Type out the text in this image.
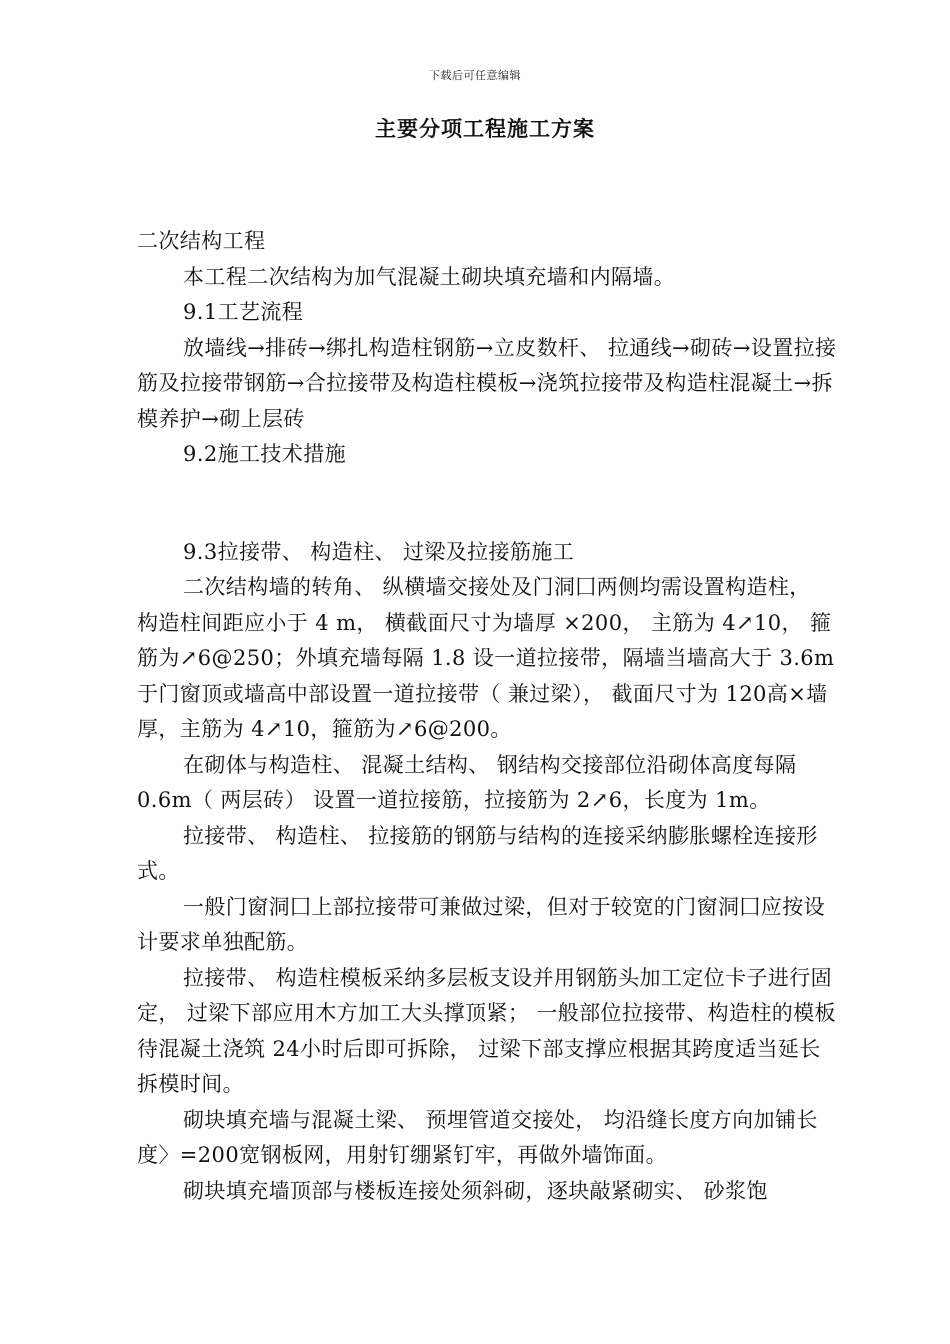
下载后可任意编辑
主要分项工程施工方案

二次结构工程

本工程二次结构为加气混凝土砌块填充墙和内隔墙。

9.1工艺流程

放墙线→排砖→绑扎构造柱钢筋→立皮数杆、 拉通线→砌砖→设置拉接筋及拉接带钢筋→合拉接带及构造柱模板→浇筑拉接带及构造柱混凝土→拆模养护→砌上层砖

9.2施工技术措施

9.3拉接带、 构造柱、 过梁及拉接筋施工

二次结构墙的转角、 纵横墙交接处及门洞囗两侧均需设置构造柱， 构造柱间距应小于 4 m， 横截面尺寸为墙厚 ×200， 主筋为 4↗10， 箍筋为↗6@250；外填充墙每隔 1.8 设一道拉接带，隔墙当墙高大于 3.6m于门窗顶或墙高中部设置一道拉接带（ 兼过梁）， 截面尺寸为 120高×墙厚，主筋为 4↗10，箍筋为↗6@200。

在砌体与构造柱、 混凝土结构、 钢结构交接部位沿砌体高度每隔 0.6m（ 两层砖） 设置一道拉接筋，拉接筋为 2↗6，长度为 1m。

拉接带、 构造柱、 拉接筋的钢筋与结构的连接采纳膨胀螺栓连接形式。

一般门窗洞囗上部拉接带可兼做过梁，但对于较宽的门窗洞囗应按设计要求单独配筋。

拉接带、 构造柱模板采纳多层板支设并用钢筋头加工定位卡子进行固定， 过梁下部应用木方加工大头撑顶紧； 一般部位拉接带、构造柱的模板待混凝土浇筑 24小时后即可拆除， 过梁下部支撑应根据其跨度适当延长拆模时间。

砌块填充墙与混凝土梁、 预埋管道交接处， 均沿缝长度方向加铺长度〉=200宽钢板网，用射钉绷紧钉牢，再做外墙饰面。

砌块填充墙顶部与楼板连接处须斜砌，逐块敲紧砌实、 砂浆饱
